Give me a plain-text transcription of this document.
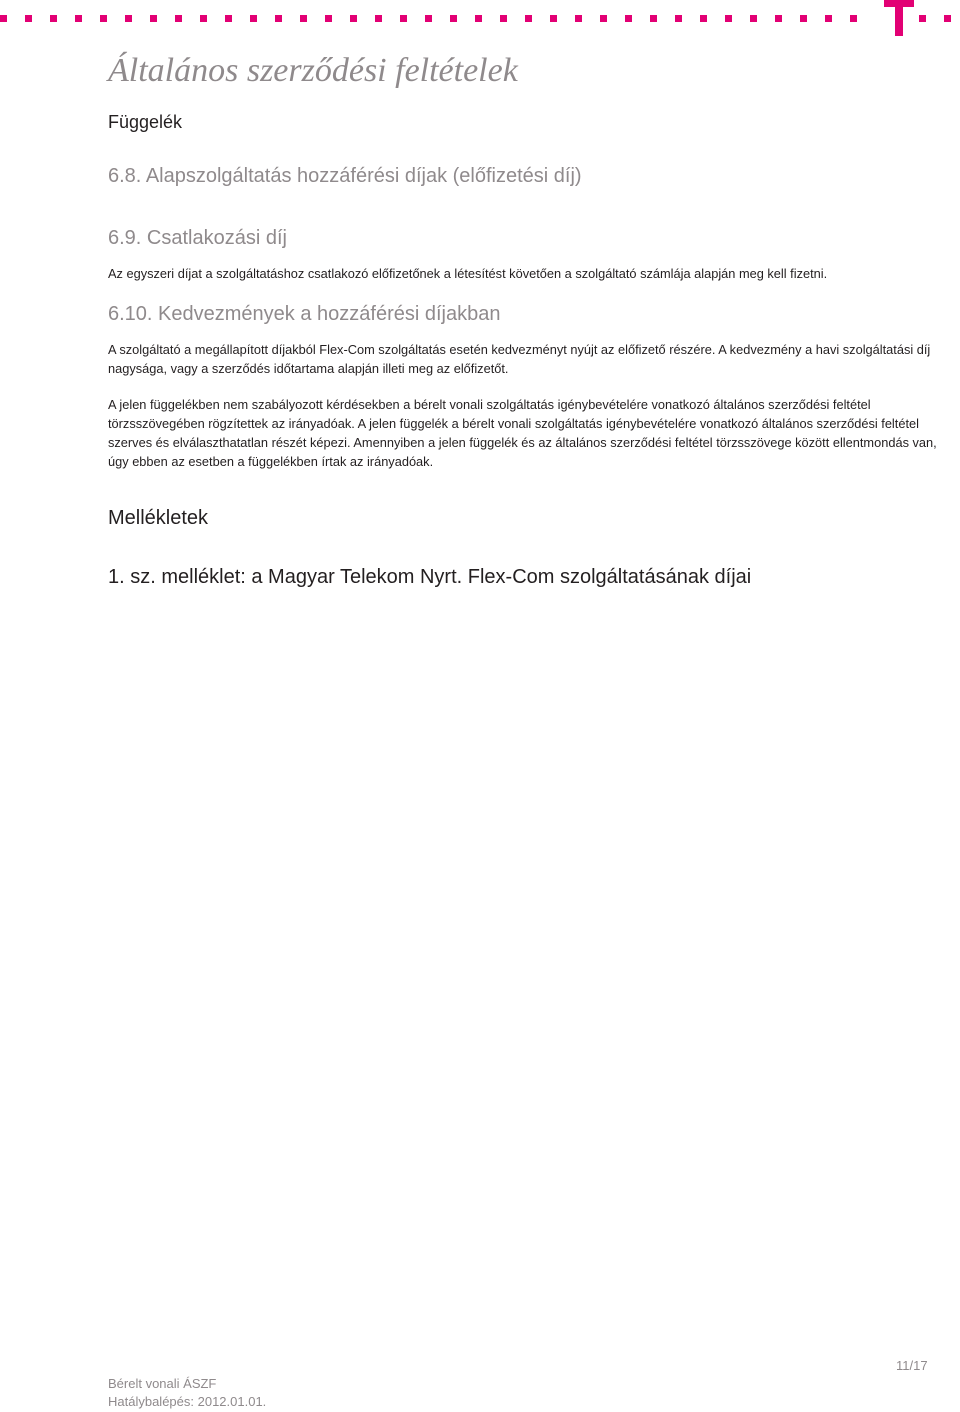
Általános szerződési feltételek
Függelék
6.8. Alapszolgáltatás hozzáférési díjak (előfizetési díj)
6.9. Csatlakozási díj

Az egyszeri díjat a szolgáltatáshoz csatlakozó előfizetőnek a létesítést követően a szolgáltató számlája alapján meg kell fizetni.

6.10. Kedvezmények a hozzáférési díjakban

A szolgáltató a megállapított díjakból Flex-Com szolgáltatás esetén kedvezményt nyújt az előfizető részére. A kedvezmény a havi szolgáltatási díj nagysága, vagy a szerződés időtartama alapján illeti meg az előfizetőt.

A jelen függelékben nem szabályozott kérdésekben a bérelt vonali szolgáltatás igénybevételére vonatkozó általános szerződési feltétel törzsszövegében rögzítettek az irányadóak. A jelen függelék a bérelt vonali szolgáltatás igénybevételére vonatkozó általános szerződési feltétel szerves és elválaszthatatlan részét képezi. Amennyiben a jelen függelék és az általános szerződési feltétel törzsszövege között ellentmondás van, úgy ebben az esetben a függelékben írtak az irányadóak.

Mellékletek
1. sz. melléklet: a Magyar Telekom Nyrt. Flex-Com szolgáltatásának díjai
Bérelt vonali ÁSZF
Hatálybalépés: 2012.01.01.
11/17
